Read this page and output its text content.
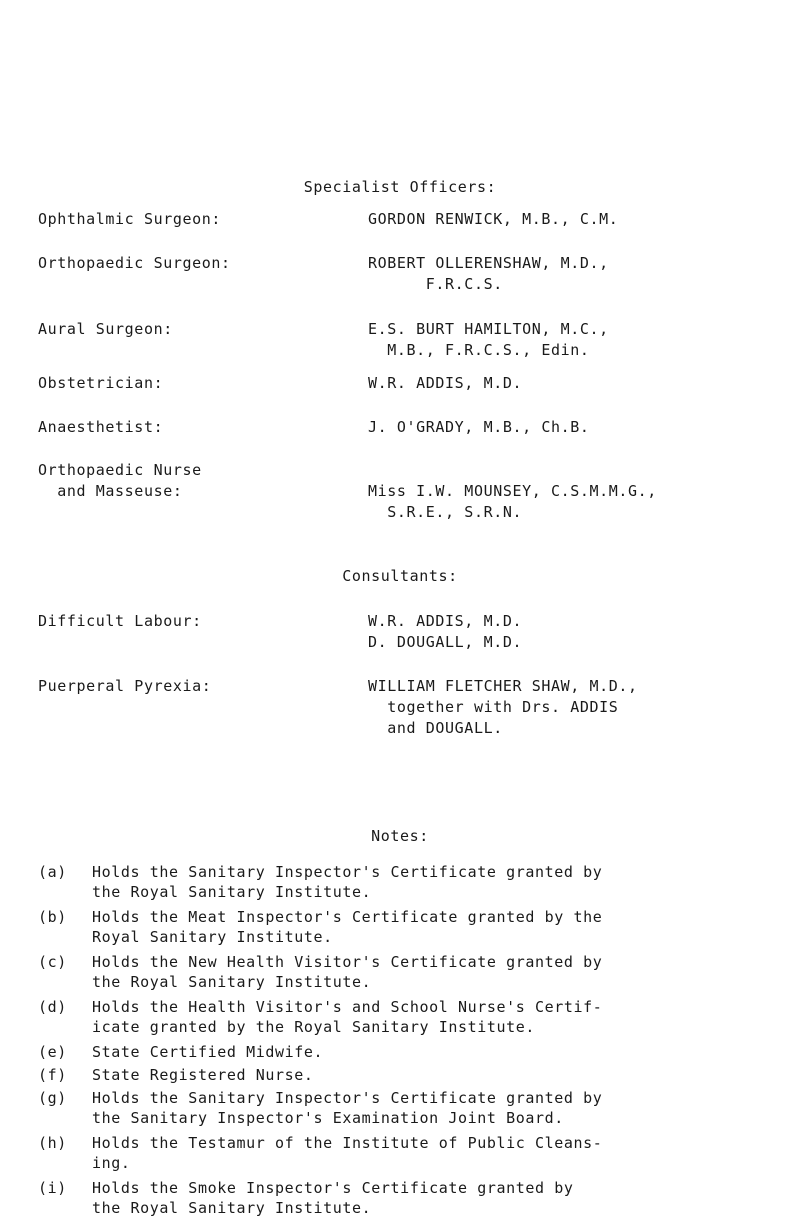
Specialist Officers:
Ophthalmic Surgeon:	GORDON RENWICK, M.B., C.M.
Orthopaedic Surgeon:	ROBERT OLLERENSHAW, M.D.,
F.R.C.S.
Aural Surgeon:	E.S. BURT HAMILTON, M.C.,
M.B., F.R.C.S., Edin.
Obstetrician:	W.R. ADDIS, M.D.
Anaesthetist:	J. O'GRADY, M.B., Ch.B.
Orthopaedic Nurse
and Masseuse:	Miss I.W. MOUNSEY, C.S.M.M.G.,
S.R.E., S.R.N.
Consultants:
Difficult Labour:	W.R. ADDIS, M.D.
D. DOUGALL, M.D.
Puerperal Pyrexia:	WILLIAM FLETCHER SHAW, M.D.,
together with Drs. ADDIS
and DOUGALL.
Notes:
(a) Holds the Sanitary Inspector's Certificate granted by
the Royal Sanitary Institute.
(b) Holds the Meat Inspector's Certificate granted by the
Royal Sanitary Institute.
(c) Holds the New Health Visitor's Certificate granted by
the Royal Sanitary Institute.
(d) Holds the Health Visitor's and School Nurse's Certif-
icate granted by the Royal Sanitary Institute.
(e) State Certified Midwife.
(f) State Registered Nurse.
(g) Holds the Sanitary Inspector's Certificate granted by
the Sanitary Inspector's Examination Joint Board.
(h) Holds the Testamur of the Institute of Public Cleans-
ing.
(i) Holds the Smoke Inspector's Certificate granted by
the Royal Sanitary Institute.
